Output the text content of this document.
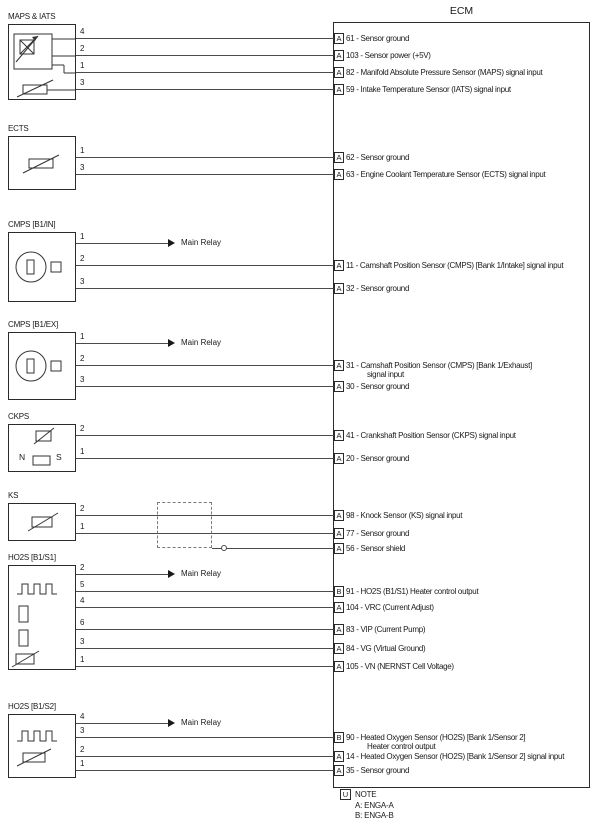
ECM
Main Relay
Main Relay
Main Relay
Main Relay
A 61 - Sensor ground
A 103 - Sensor power (+5V)
A 82 - Manifold Absolute Pressure Sensor (MAPS) signal input
A 59 - Intake Temperature Sensor (IATS) signal input
A 62 - Sensor ground
A 63 - Engine Coolant Temperature Sensor (ECTS) signal input
A 11 - Camshaft Position Sensor (CMPS) [Bank 1/Intake] signal input
A 32 - Sensor ground
A 31 - Camshaft Position Sensor (CMPS) [Bank 1/Exhaust]
signal input
A 30 - Sensor ground
A 41 - Crankshaft Position Sensor (CKPS) signal input
A 20 - Sensor ground
A 98 - Knock Sensor (KS) signal input
A 77 - Sensor ground
A 56 - Sensor shield
B 91 - HO2S (B1/S1) Heater control output
A 104 - VRC (Current Adjust)
A 83 - VIP (Current Pump)
A 84 - VG (Virtual Ground)
A 105 - VN (NERNST Cell Voltage)
B 90 - Heated Oxygen Sensor (HO2S) [Bank 1/Sensor 2]
Heater control output
A 14 - Heated Oxygen Sensor (HO2S) [Bank 1/Sensor 2] signal input
A 35 - Sensor ground
4
2
1
3
1
3
1
2
3
1
2
3
2
1
2
1
2
5
4
6
3
1
4
3
2
1
MAPS & IATS
ECTS
CMPS [B1/IN]
CMPS [B1/EX]
CKPS
N	S
KS
HO2S [B1/S1]
HO2S [B1/S2]
U NOTE
A: ENGA-A
B: ENGA-B
